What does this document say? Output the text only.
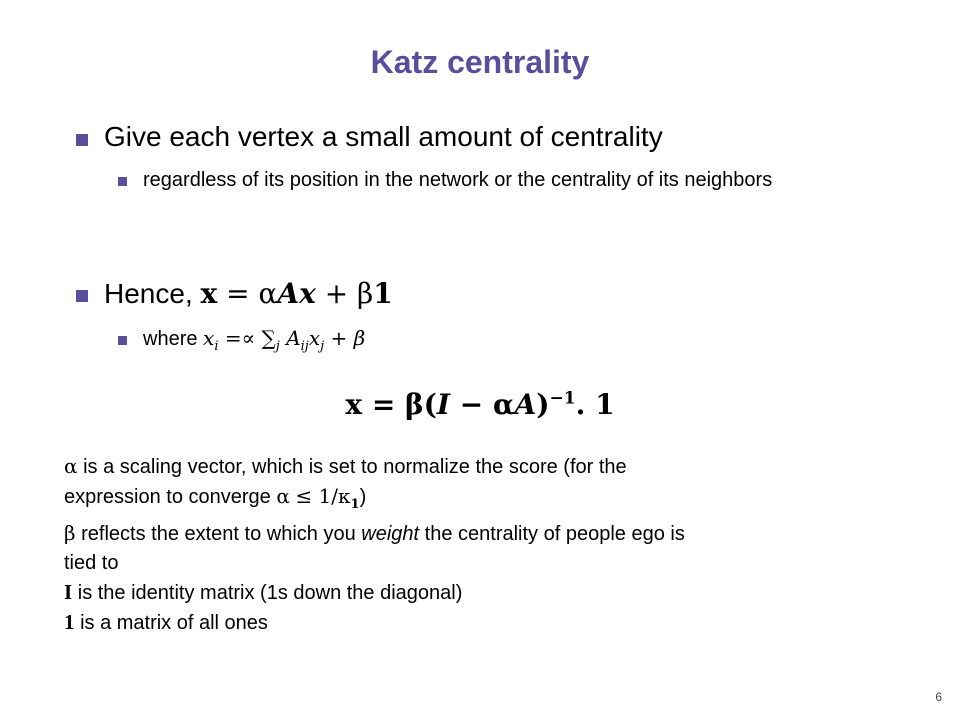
Katz centrality
Give each vertex a small amount of centrality
regardless of its position in the network or the centrality of its neighbors
Hence, x = αAx + β1
where $x_i =\propto \sum_j$ $A_{ij}x_j + \beta$
$x = \beta(I - \alpha A)^{-1}$. 1
α is a scaling vector, which is set to normalize the score (for the
expression to converge $\alpha \le 1/\kappa_1$)
β reflects the extent to which you weight the centrality of people ego is
tied to
I is the identity matrix (1s down the diagonal)
1 is a matrix of all ones
6
